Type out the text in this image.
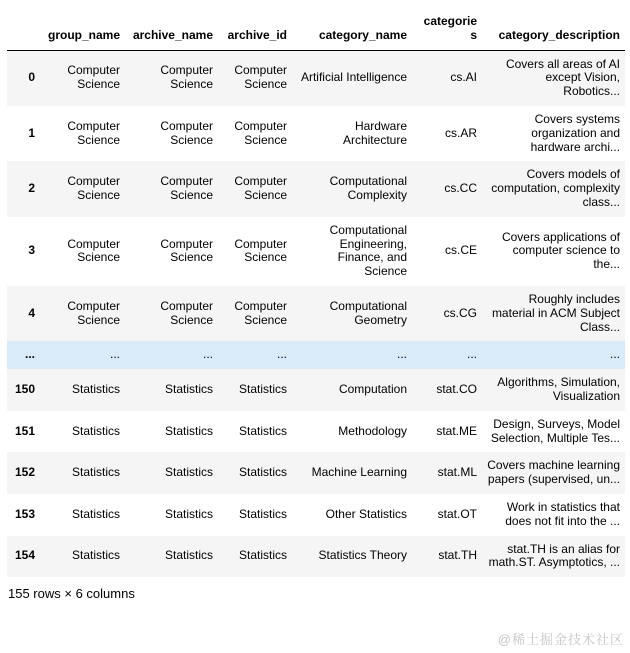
	group_name	archive_name	archive_id	category_name	categories	category_description
0	Computer Science	Computer Science	Computer Science	Artificial Intelligence	cs.AI	Covers all areas of AI except Vision, Robotics...
1	Computer Science	Computer Science	Computer Science	Hardware Architecture	cs.AR	Covers systems organization and hardware archi...
2	Computer Science	Computer Science	Computer Science	Computational Complexity	cs.CC	Covers models of computation, complexity class...
3	Computer Science	Computer Science	Computer Science	Computational Engineering, Finance, and Science	cs.CE	Covers applications of computer science to the...
4	Computer Science	Computer Science	Computer Science	Computational Geometry	cs.CG	Roughly includes material in ACM Subject Class...
...	...	...	...	...	...	...
150	Statistics	Statistics	Statistics	Computation	stat.CO	Algorithms, Simulation, Visualization
151	Statistics	Statistics	Statistics	Methodology	stat.ME	Design, Surveys, Model Selection, Multiple Tes...
152	Statistics	Statistics	Statistics	Machine Learning	stat.ML	Covers machine learning papers (supervised, un...
153	Statistics	Statistics	Statistics	Other Statistics	stat.OT	Work in statistics that does not fit into the ...
154	Statistics	Statistics	Statistics	Statistics Theory	stat.TH	stat.TH is an alias for math.ST. Asymptotics, ...

155 rows × 6 columns

@稀土掘金技术社区
